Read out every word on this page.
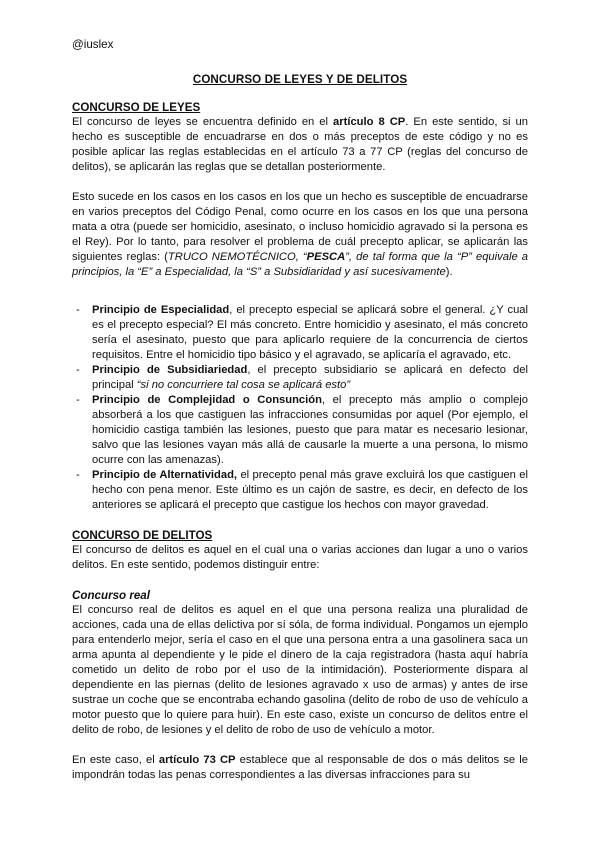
@iuslex
CONCURSO DE LEYES Y DE DELITOS
CONCURSO DE LEYES

El concurso de leyes se encuentra definido en el artículo 8 CP. En este sentido, si un hecho es susceptible de encuadrarse en dos o más preceptos de este código y no es posible aplicar las reglas establecidas en el artículo 73 a 77 CP (reglas del concurso de delitos), se aplicarán las reglas que se detallan posteriormente.

Esto sucede en los casos en los casos en los que un hecho es susceptible de encuadrarse en varios preceptos del Código Penal, como ocurre en los casos en los que una persona mata a otra (puede ser homicidio, asesinato, o incluso homicidio agravado si la persona es el Rey). Por lo tanto, para resolver el problema de cuál precepto aplicar, se aplicarán las siguientes reglas: (TRUCO NEMOTÉCNICO, “PESCA”, de tal forma que la “P” equivale a principios, la “E” a Especialidad, la “S” a Subsidiaridad y así sucesivamente).

- Principio de Especialidad, el precepto especial se aplicará sobre el general. ¿Y cual es el precepto especial? El más concreto. Entre homicidio y asesinato, el más concreto sería el asesinato, puesto que para aplicarlo requiere de la concurrencia de ciertos requisitos. Entre el homicidio tipo básico y el agravado, se aplicaría el agravado, etc.
- Principio de Subsidiariedad, el precepto subsidiario se aplicará en defecto del principal “si no concurriere tal cosa se aplicará esto”
- Principio de Complejidad o Consunción, el precepto más amplio o complejo absorberá a los que castiguen las infracciones consumidas por aquel (Por ejemplo, el homicidio castiga también las lesiones, puesto que para matar es necesario lesionar, salvo que las lesiones vayan más allá de causarle la muerte a una persona, lo mismo ocurre con las amenazas).
- Principio de Alternatividad, el precepto penal más grave excluirá los que castiguen el hecho con pena menor. Este último es un cajón de sastre, es decir, en defecto de los anteriores se aplicará el precepto que castigue los hechos con mayor gravedad.
CONCURSO DE DELITOS

El concurso de delitos es aquel en el cual una o varias acciones dan lugar a uno o varios delitos. En este sentido, podemos distinguir entre:

Concurso real

El concurso real de delitos es aquel en el que una persona realiza una pluralidad de acciones, cada una de ellas delictiva por sí sóla, de forma individual. Pongamos un ejemplo para entenderlo mejor, sería el caso en el que una persona entra a una gasolinera saca un arma apunta al dependiente y le pide el dinero de la caja registradora (hasta aquí habría cometido un delito de robo por el uso de la intimidación). Posteriormente dispara al dependiente en las piernas (delito de lesiones agravado x uso de armas) y antes de irse sustrae un coche que se encontraba echando gasolina (delito de robo de uso de vehículo a motor puesto que lo quiere para huir). En este caso, existe un concurso de delitos entre el delito de robo, de lesiones y el delito de robo de uso de vehículo a motor.

En este caso, el artículo 73 CP establece que al responsable de dos o más delitos se le impondrán todas las penas correspondientes a las diversas infracciones para su
